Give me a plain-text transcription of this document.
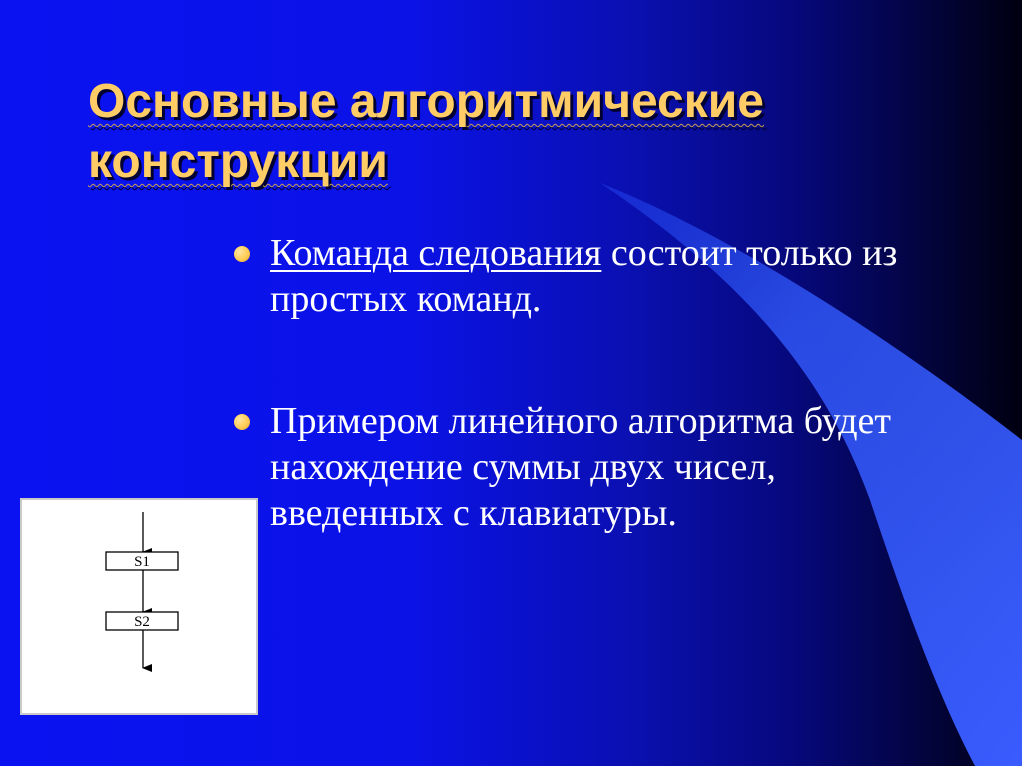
Основные алгоритмические
конструкции
Команда следования состоит только из простых команд.
Примером линейного алгоритма будет нахождение суммы двух чисел, введенных с клавиатуры.
S1
S2
